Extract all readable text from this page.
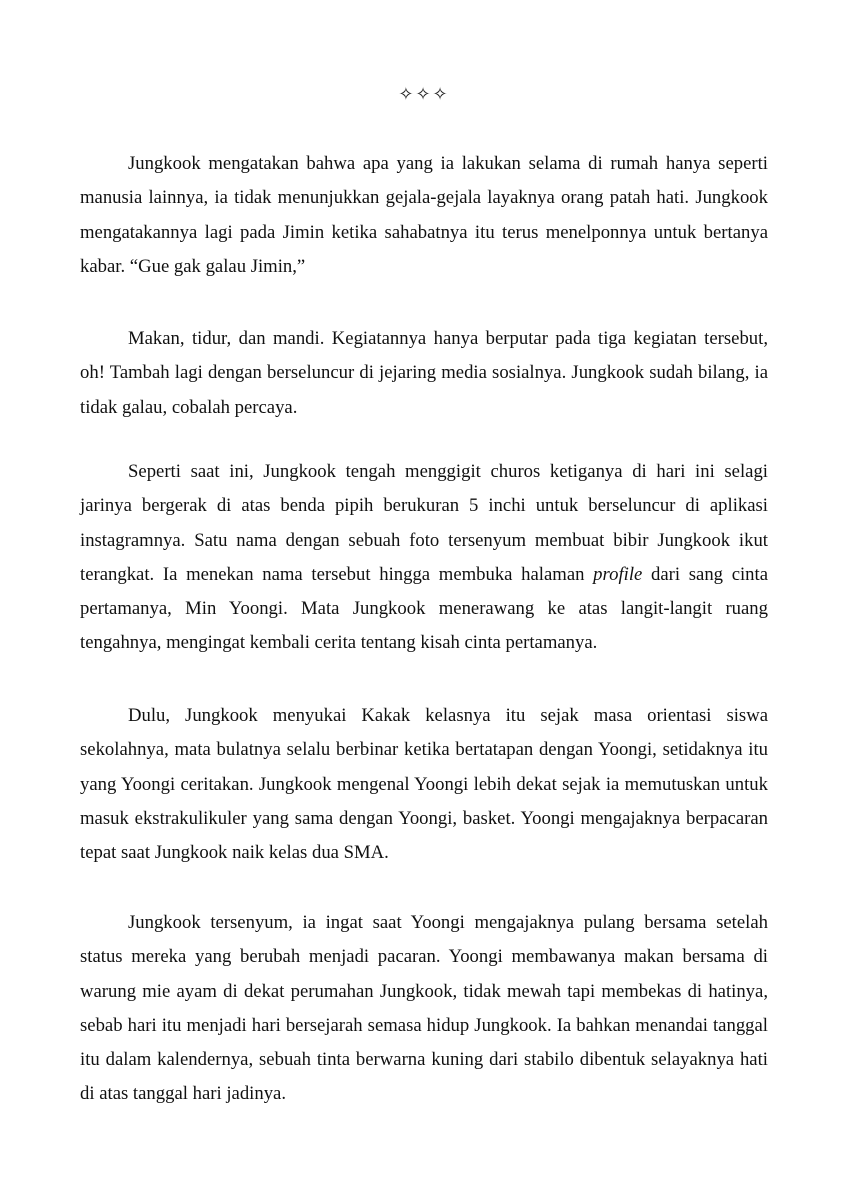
✧✧✧

Jungkook mengatakan bahwa apa yang ia lakukan selama di rumah hanya seperti manusia lainnya, ia tidak menunjukkan gejala-gejala layaknya orang patah hati. Jungkook mengatakannya lagi pada Jimin ketika sahabatnya itu terus menelponnya untuk bertanya kabar. “Gue gak galau Jimin,”

Makan, tidur, dan mandi. Kegiatannya hanya berputar pada tiga kegiatan tersebut, oh! Tambah lagi dengan berseluncur di jejaring media sosialnya. Jungkook sudah bilang, ia tidak galau, cobalah percaya.

Seperti saat ini, Jungkook tengah menggigit churos ketiganya di hari ini selagi jarinya bergerak di atas benda pipih berukuran 5 inchi untuk berseluncur di aplikasi instagramnya. Satu nama dengan sebuah foto tersenyum membuat bibir Jungkook ikut terangkat. Ia menekan nama tersebut hingga membuka halaman profile dari sang cinta pertamanya, Min Yoongi. Mata Jungkook menerawang ke atas langit-langit ruang tengahnya, mengingat kembali cerita tentang kisah cinta pertamanya.

Dulu, Jungkook menyukai Kakak kelasnya itu sejak masa orientasi siswa sekolahnya, mata bulatnya selalu berbinar ketika bertatapan dengan Yoongi, setidaknya itu yang Yoongi ceritakan. Jungkook mengenal Yoongi lebih dekat sejak ia memutuskan untuk masuk ekstrakulikuler yang sama dengan Yoongi, basket. Yoongi mengajaknya berpacaran tepat saat Jungkook naik kelas dua SMA.

Jungkook tersenyum, ia ingat saat Yoongi mengajaknya pulang bersama setelah status mereka yang berubah menjadi pacaran. Yoongi membawanya makan bersama di warung mie ayam di dekat perumahan Jungkook, tidak mewah tapi membekas di hatinya, sebab hari itu menjadi hari bersejarah semasa hidup Jungkook. Ia bahkan menandai tanggal itu dalam kalendernya, sebuah tinta berwarna kuning dari stabilo dibentuk selayaknya hati di atas tanggal hari jadinya.
